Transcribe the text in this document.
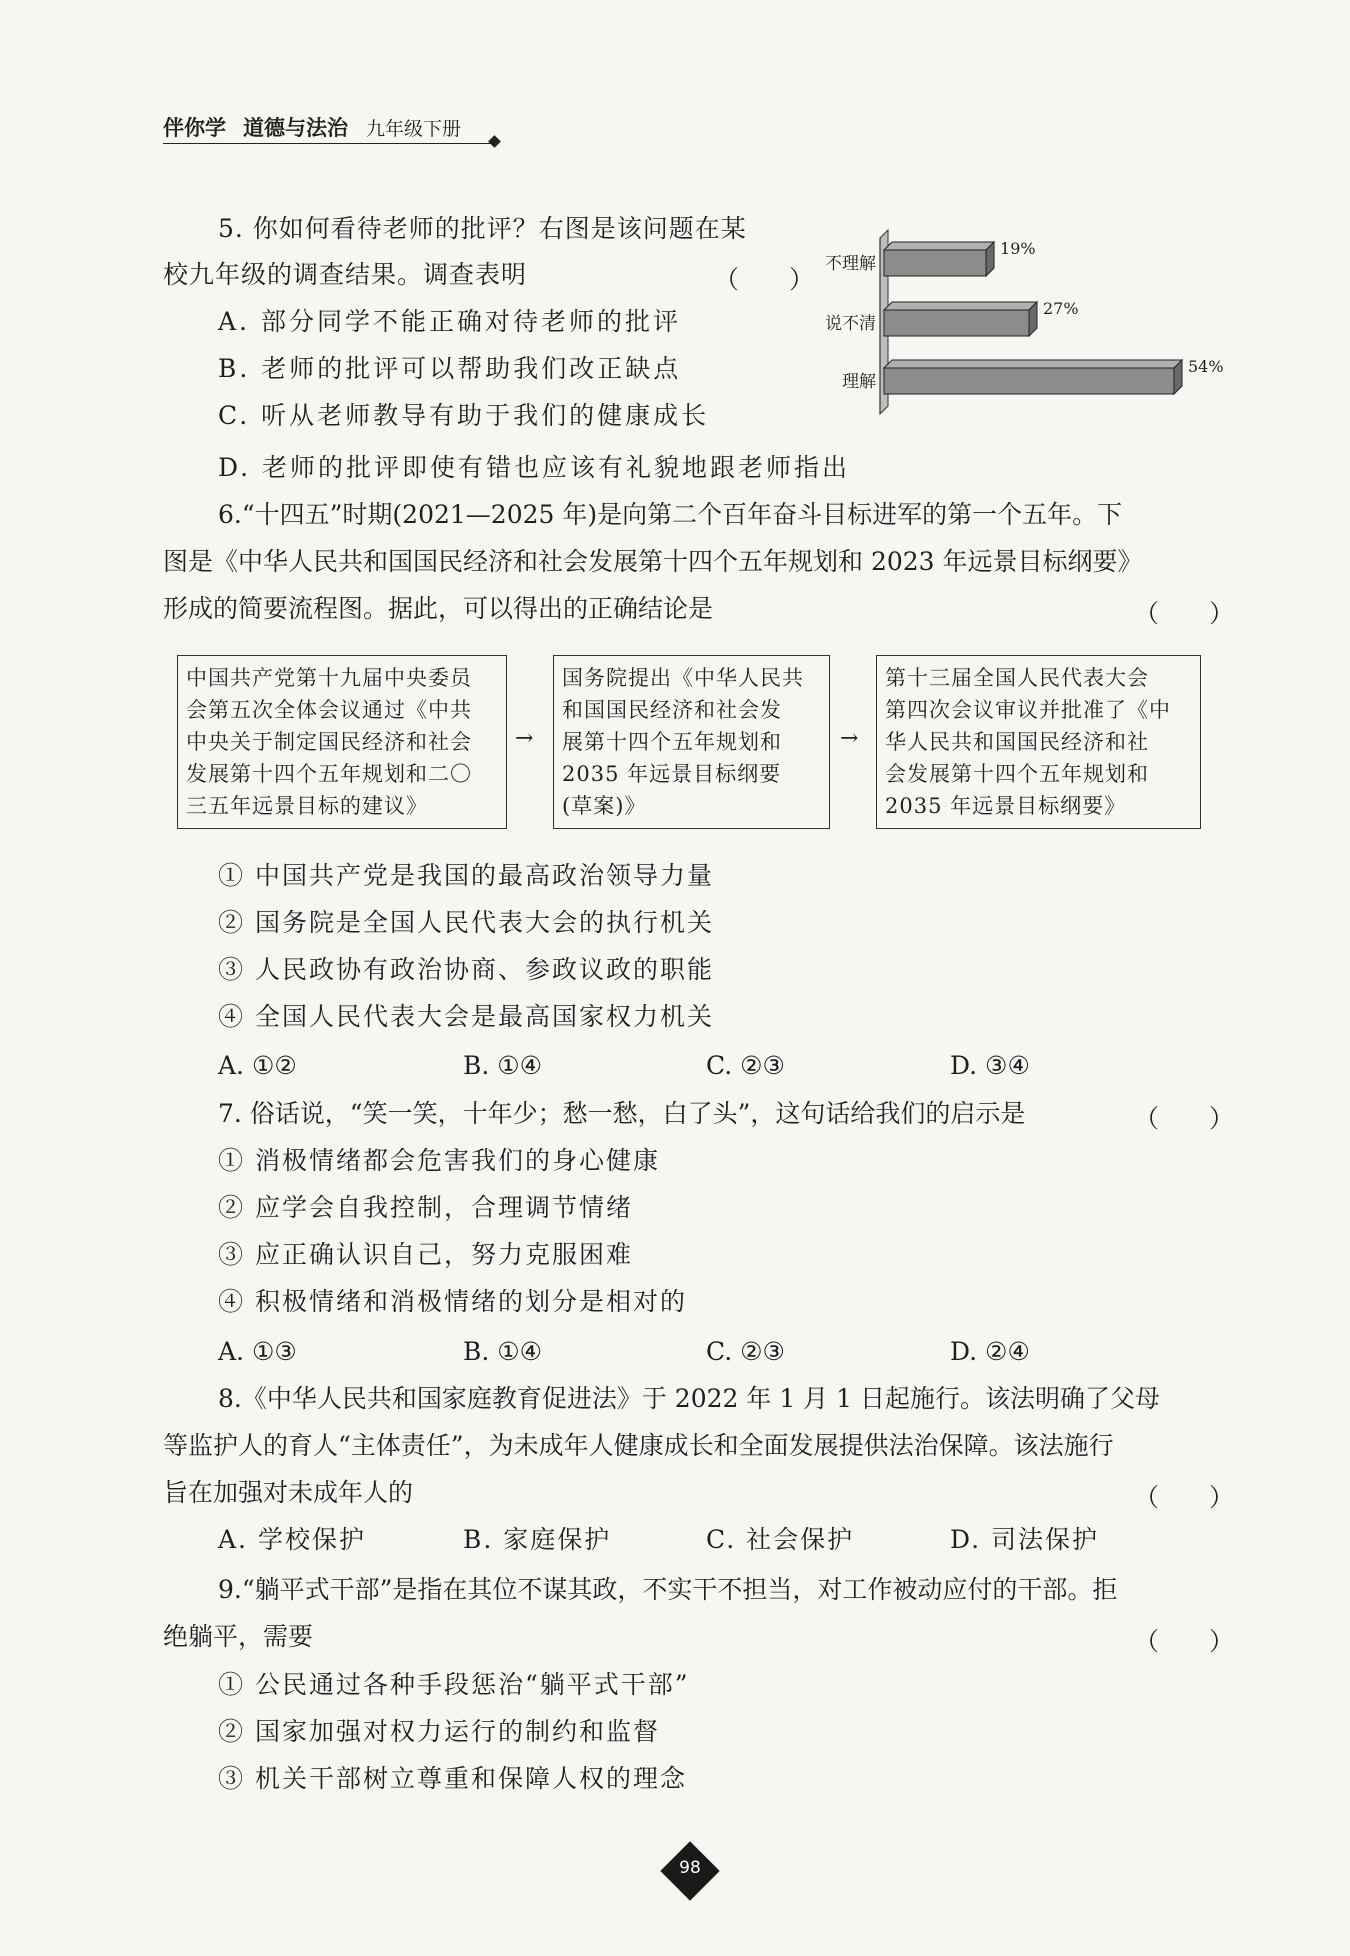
伴你学 道德与法治 九年级下册
5. 你如何看待老师的批评？右图是该问题在某
校九年级的调查结果。调查表明	（　　）
A. 部分同学不能正确对待老师的批评
B. 老师的批评可以帮助我们改正缺点
C. 听从老师教导有助于我们的健康成长
D. 老师的批评即使有错也应该有礼貌地跟老师指出
不理解
19%
说不清
27%
理解
54%
6.“十四五”时期(2021—2025 年)是向第二个百年奋斗目标进军的第一个五年。下
图是《中华人民共和国国民经济和社会发展第十四个五年规划和 2023 年远景目标纲要》
形成的简要流程图。据此，可以得出的正确结论是	（　　）
中国共产党第十九届中央委员
会第五次全体会议通过《中共
中央关于制定国民经济和社会
发展第十四个五年规划和二〇
三五年远景目标的建议》
→
国务院提出《中华人民共
和国国民经济和社会发
展第十四个五年规划和
2035 年远景目标纲要
(草案)》
→
第十三届全国人民代表大会
第四次会议审议并批准了《中
华人民共和国国民经济和社
会发展第十四个五年规划和
2035 年远景目标纲要》
① 中国共产党是我国的最高政治领导力量
② 国务院是全国人民代表大会的执行机关
③ 人民政协有政治协商、参政议政的职能
④ 全国人民代表大会是最高国家权力机关
A. ①②	B. ①④	C. ②③	D. ③④
7. 俗话说，“笑一笑，十年少；愁一愁，白了头”，这句话给我们的启示是	（　　）
① 消极情绪都会危害我们的身心健康
② 应学会自我控制，合理调节情绪
③ 应正确认识自己，努力克服困难
④ 积极情绪和消极情绪的划分是相对的
A. ①③	B. ①④	C. ②③	D. ②④
8.《中华人民共和国家庭教育促进法》于 2022 年 1 月 1 日起施行。该法明确了父母
等监护人的育人“主体责任”，为未成年人健康成长和全面发展提供法治保障。该法施行
旨在加强对未成年人的	（　　）
A. 学校保护	B. 家庭保护	C. 社会保护	D. 司法保护
9.“躺平式干部”是指在其位不谋其政，不实干不担当，对工作被动应付的干部。拒
绝躺平，需要	（　　）
① 公民通过各种手段惩治“躺平式干部”
② 国家加强对权力运行的制约和监督
③ 机关干部树立尊重和保障人权的理念
98
